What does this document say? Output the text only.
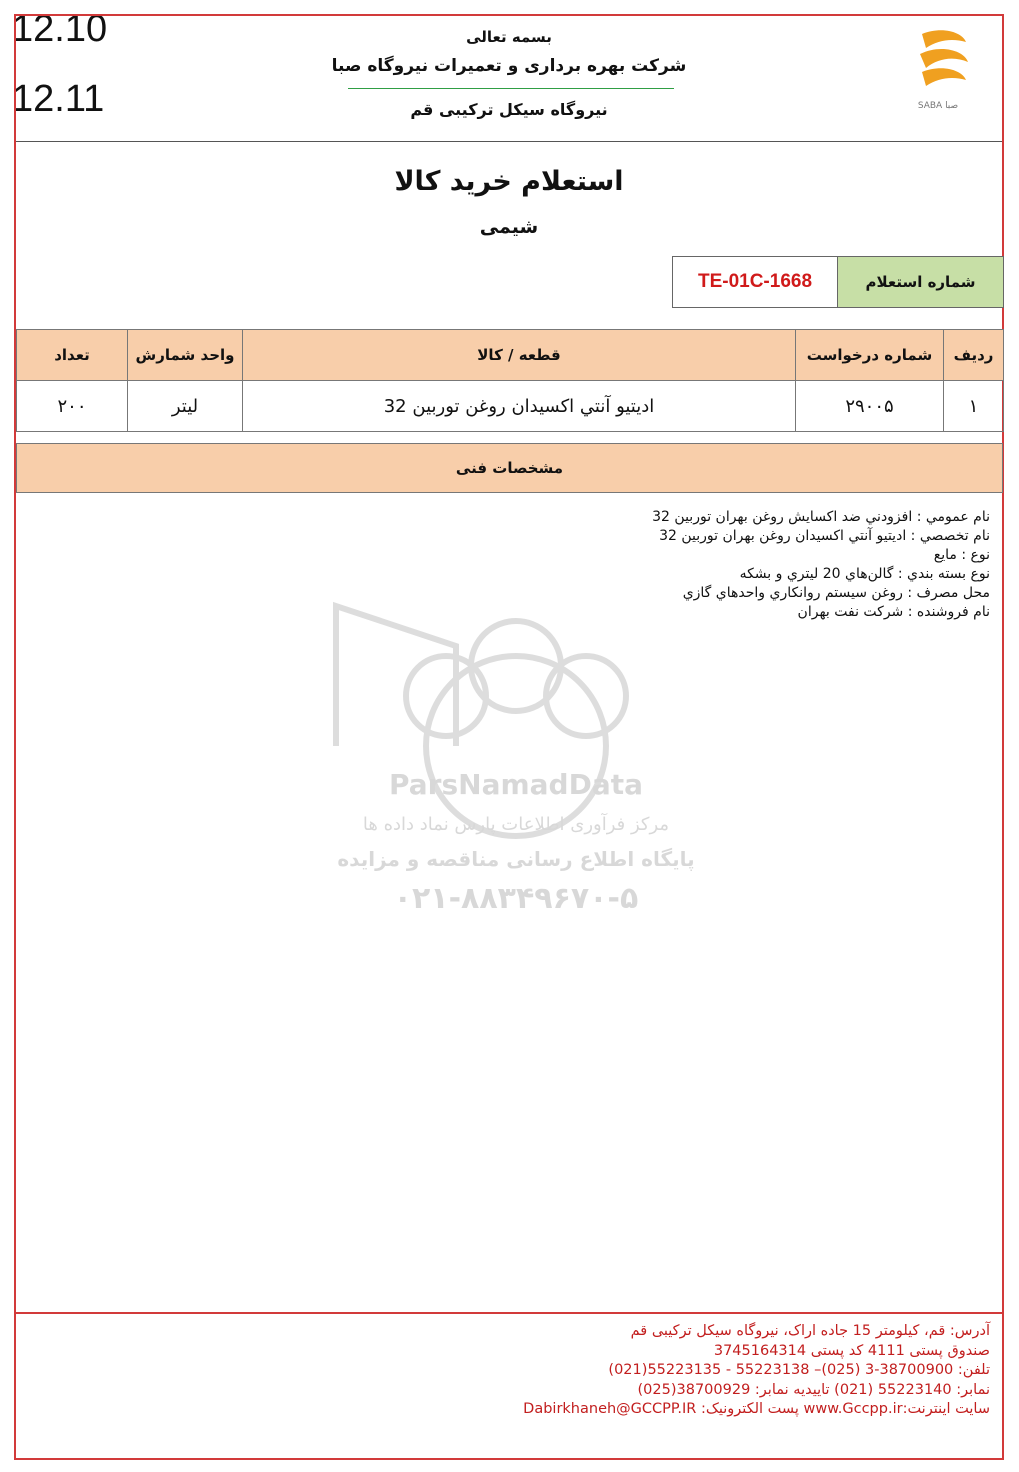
12.10
12.11
بسمه تعالی
شرکت بهره برداری و تعمیرات نیروگاه صبا
نیروگاه سیکل ترکیبی قم	SABA صبا
استعلام خرید کالا
شیمی
شماره استعلام
TE-01C-1668
ردیف	شماره درخواست	قطعه / کالا	واحد شمارش	تعداد
١	٢٩٠٠۵	اديتيو آنتي اكسيدان روغن توربين 32	ليتر	٢٠٠
مشخصات فنی
نام عمومي : افزودني ضد اكسايش روغن بهران توربين 32
نام تخصصي : اديتيو آنتي اكسيدان روغن بهران توربين 32
نوع : مايع
نوع بسته بندي : گالن‌هاي 20 ليتري و بشكه
محل مصرف : روغن سيستم روانكاري واحدهاي گازي
نام فروشنده : شركت نفت بهران
ParsNamadData
مرکز فرآوری اطلاعات پارس نماد داده ها
پایگاه اطلاع رسانی مناقصه و مزایده
۰۲۱-۸۸۳۴۹۶۷۰-۵
آدرس: قم، کیلومتر 15 جاده اراک، نیروگاه سیکل ترکیبی قم
صندوق پستی 4111 کد پستی 3745164314
تلفن: 38700900-3 (025)– 55223138 - 55223135(021)
نمابر: 55223140 (021) تاییدیه نمابر: 38700929(025)
سایت اینترنت:www.Gccpp.ir پست الکترونیک: Dabirkhaneh@GCCPP.IR
